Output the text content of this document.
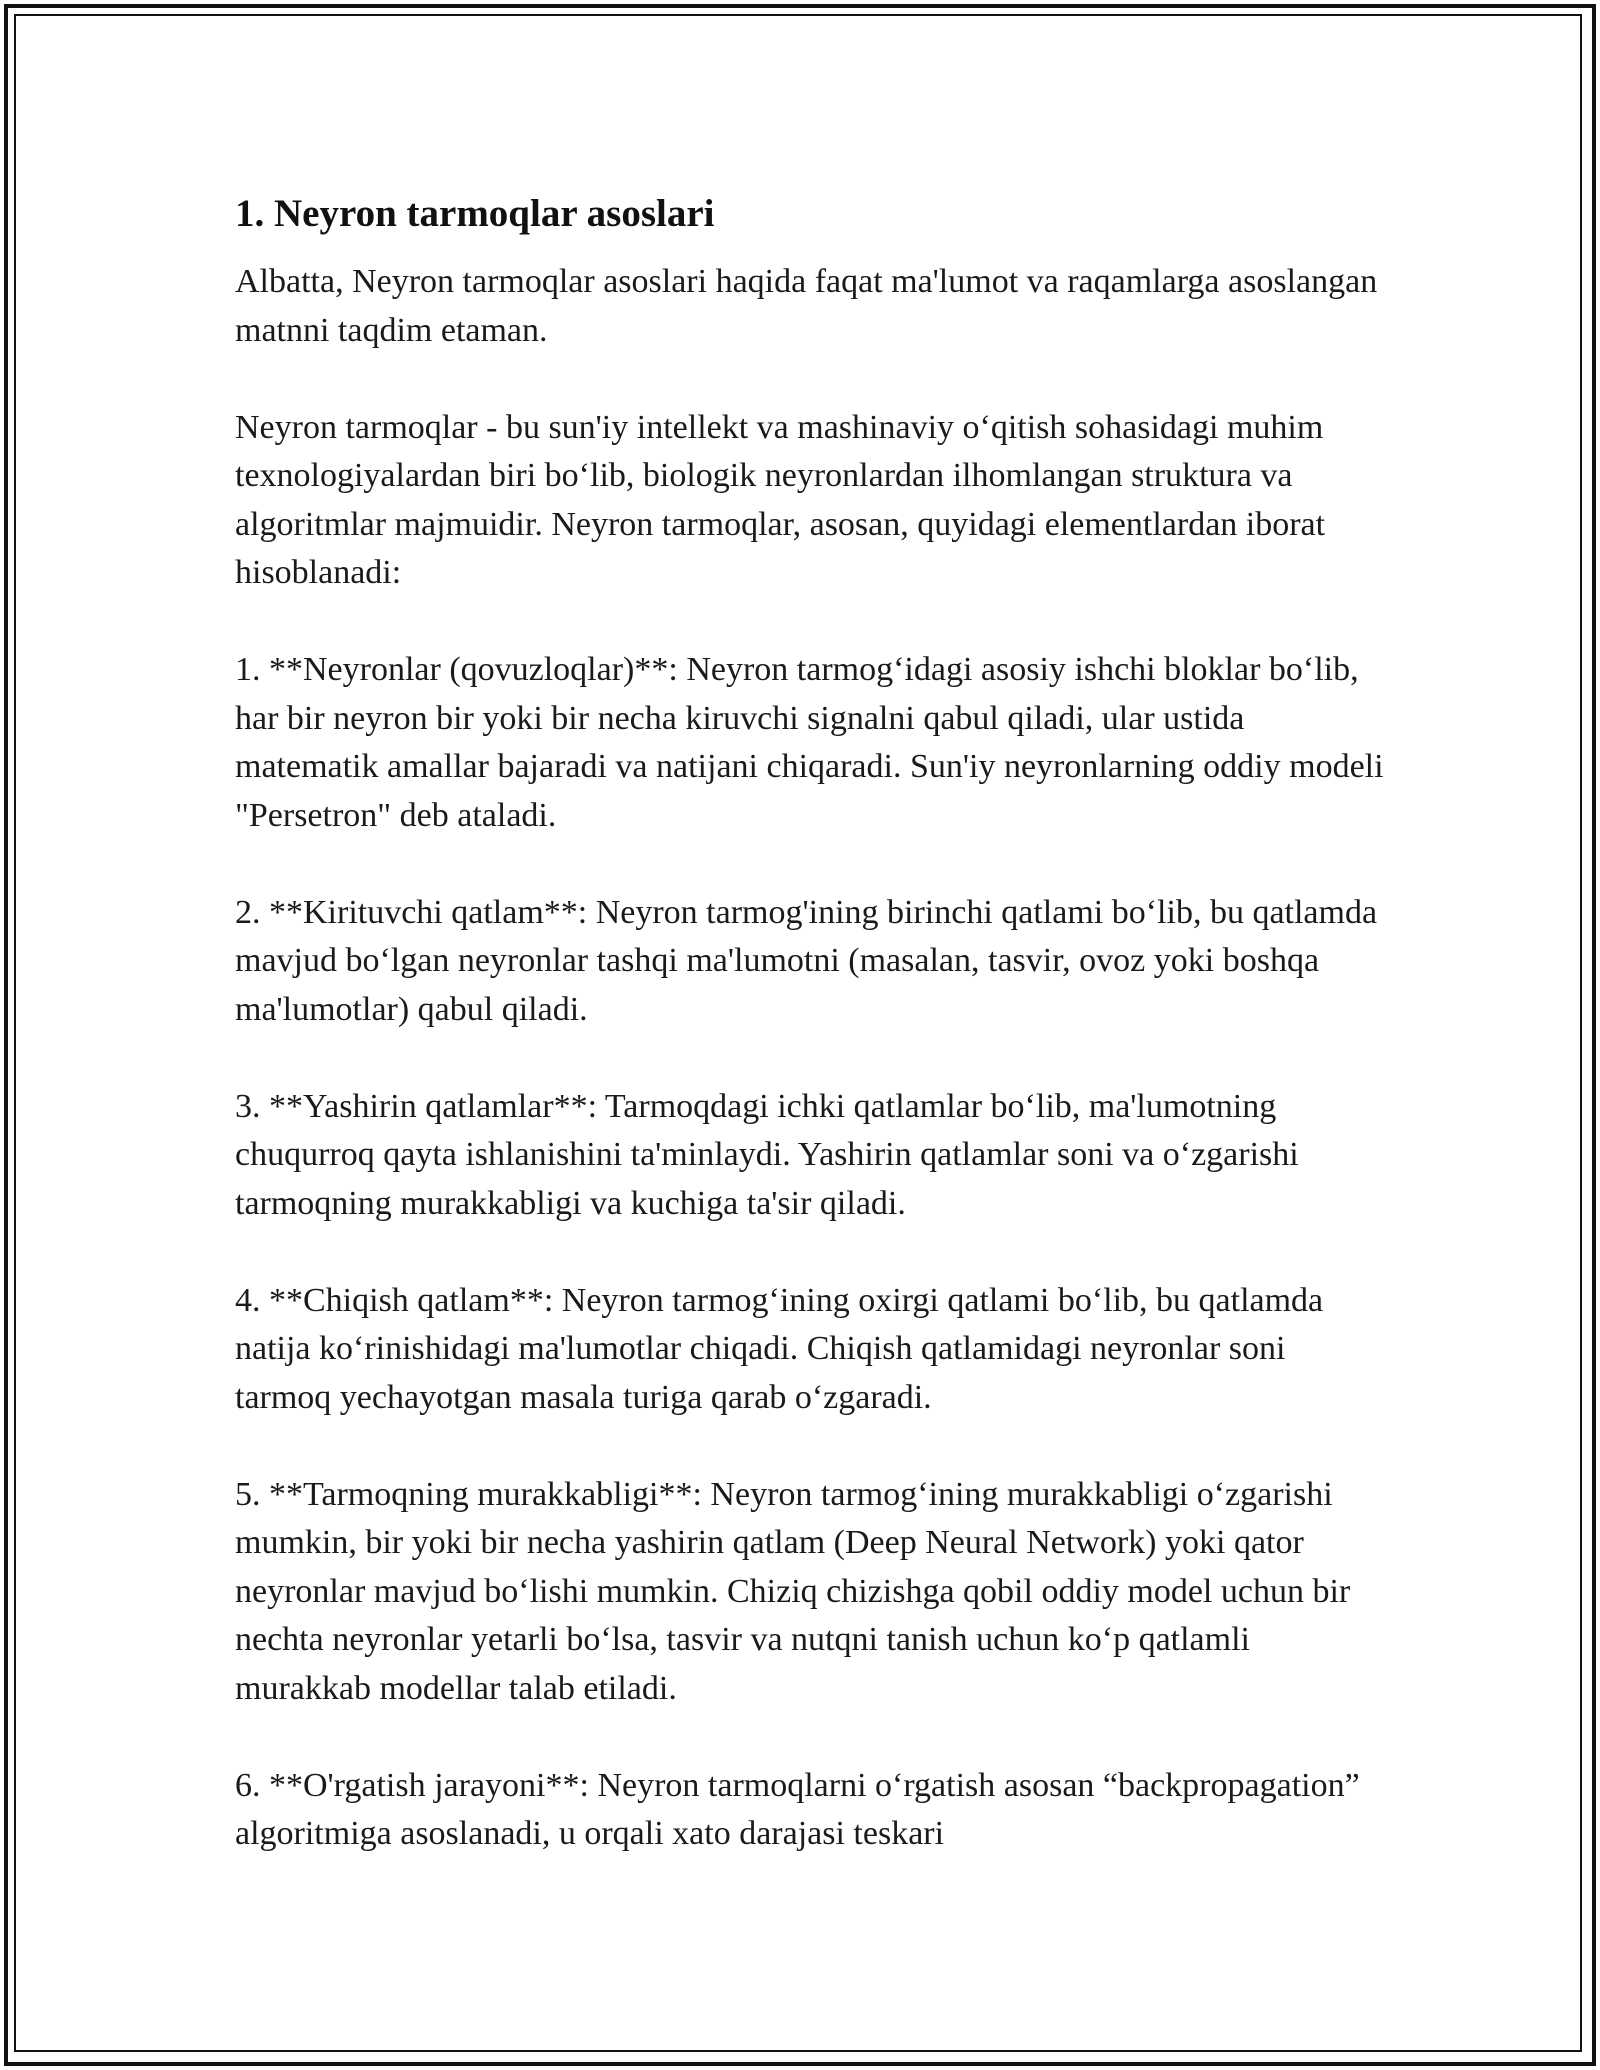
1. Neyron tarmoqlar asoslari

Albatta, Neyron tarmoqlar asoslari haqida faqat ma'lumot va raqamlarga asoslangan matnni taqdim etaman.

Neyron tarmoqlar - bu sun'iy intellekt va mashinaviy o‘qitish sohasidagi muhim texnologiyalardan biri bo‘lib, biologik neyronlardan ilhomlangan struktura va algoritmlar majmuidir. Neyron tarmoqlar, asosan, quyidagi elementlardan iborat hisoblanadi:

1. **Neyronlar (qovuzloqlar)**: Neyron tarmog‘idagi asosiy ishchi bloklar bo‘lib, har bir neyron bir yoki bir necha kiruvchi signalni qabul qiladi, ular ustida matematik amallar bajaradi va natijani chiqaradi. Sun'iy neyronlarning oddiy modeli "Persetron" deb ataladi.

2. **Kirituvchi qatlam**: Neyron tarmog'ining birinchi qatlami bo‘lib, bu qatlamda mavjud bo‘lgan neyronlar tashqi ma'lumotni (masalan, tasvir, ovoz yoki boshqa ma'lumotlar) qabul qiladi.

3. **Yashirin qatlamlar**: Tarmoqdagi ichki qatlamlar bo‘lib, ma'lumotning chuqurroq qayta ishlanishini ta'minlaydi. Yashirin qatlamlar soni va o‘zgarishi tarmoqning murakkabligi va kuchiga ta'sir qiladi.

4. **Chiqish qatlam**: Neyron tarmog‘ining oxirgi qatlami bo‘lib, bu qatlamda natija ko‘rinishidagi ma'lumotlar chiqadi. Chiqish qatlamidagi neyronlar soni tarmoq yechayotgan masala turiga qarab o‘zgaradi.

5. **Tarmoqning murakkabligi**: Neyron tarmog‘ining murakkabligi o‘zgarishi mumkin, bir yoki bir necha yashirin qatlam (Deep Neural Network) yoki qator neyronlar mavjud bo‘lishi mumkin. Chiziq chizishga qobil oddiy model uchun bir nechta neyronlar yetarli bo‘lsa, tasvir va nutqni tanish uchun ko‘p qatlamli murakkab modellar talab etiladi.

6. **O'rgatish jarayoni**: Neyron tarmoqlarni o‘rgatish asosan “backpropagation” algoritmiga asoslanadi, u orqali xato darajasi teskari
